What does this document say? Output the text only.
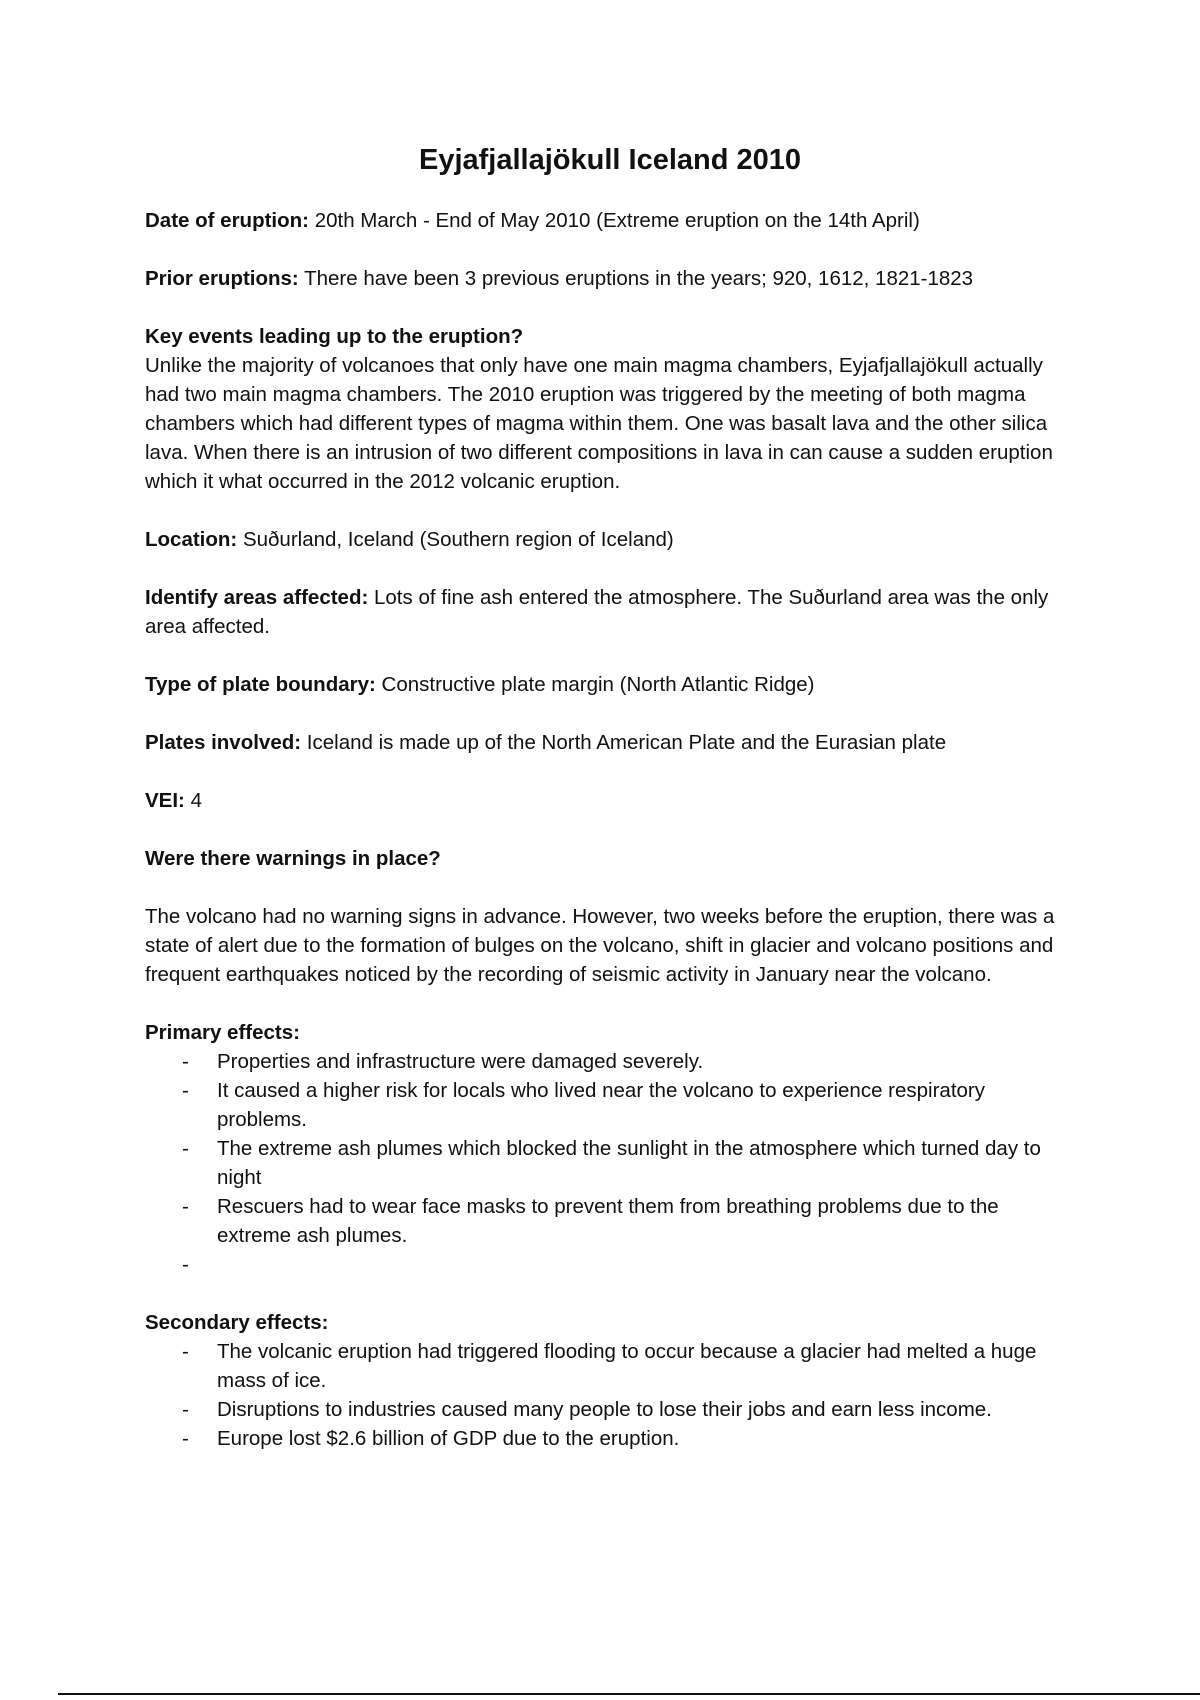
Eyjafjallajökull Iceland 2010

Date of eruption: 20th March - End of May 2010 (Extreme eruption on the 14th April)

Prior eruptions: There have been 3 previous eruptions in the years; 920, 1612, 1821-1823

Key events leading up to the eruption?

Unlike the majority of volcanoes that only have one main magma chambers, Eyjafjallajökull actually had two main magma chambers. The 2010 eruption was triggered by the meeting of both magma chambers which had different types of magma within them. One was basalt lava and the other silica lava. When there is an intrusion of two different compositions in lava in can cause a sudden eruption which it what occurred in the 2012 volcanic eruption.

Location: Suðurland, Iceland (Southern region of Iceland)

Identify areas affected: Lots of fine ash entered the atmosphere. The Suðurland area was the only area affected.

Type of plate boundary: Constructive plate margin (North Atlantic Ridge)

Plates involved: Iceland is made up of the North American Plate and the Eurasian plate

VEI: 4

Were there warnings in place?

The volcano had no warning signs in advance. However, two weeks before the eruption, there was a state of alert due to the formation of bulges on the volcano, shift in glacier and volcano positions and frequent earthquakes noticed by the recording of seismic activity in January near the volcano.

Primary effects:

- Properties and infrastructure were damaged severely.
- It caused a higher risk for locals who lived near the volcano to experience respiratory problems.
- The extreme ash plumes which blocked the sunlight in the atmosphere which turned day to night
- Rescuers had to wear face masks to prevent them from breathing problems due to the extreme ash plumes.
-

Secondary effects:

- The volcanic eruption had triggered flooding to occur because a glacier had melted a huge mass of ice.
- Disruptions to industries caused many people to lose their jobs and earn less income.
- Europe lost $2.6 billion of GDP due to the eruption.
